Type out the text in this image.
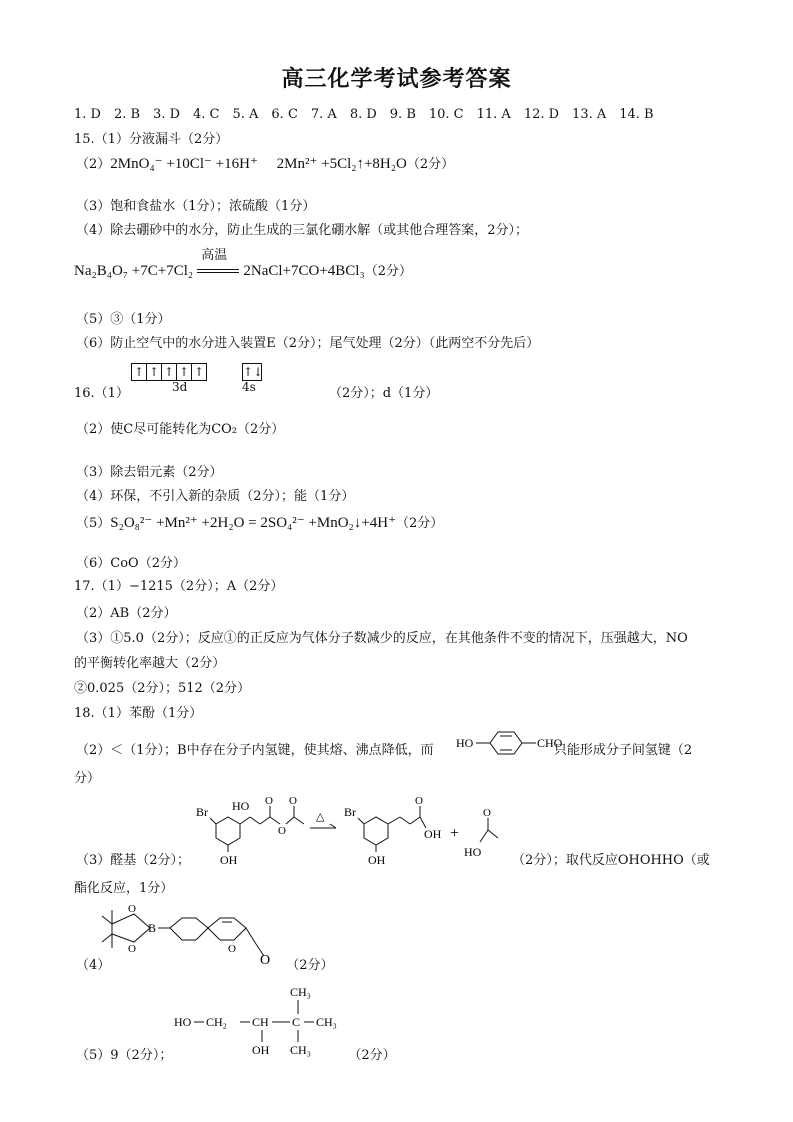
高三化学考试参考答案
1. D　2. B　3. D　4. C　5. A　6. C　7. A　8. D　9. B　10. C　11. A　12. D　13. A　14. B
15.（1）分液漏斗（2分）
（2）2MnO₄⁻ +10Cl⁻ +16H⁺ 　2Mn²⁺ +5Cl₂↑+8H₂O（2分）
（3）饱和食盐水（1分）；浓硫酸（1分）
（4）除去硼砂中的水分，防止生成的三氯化硼水解（或其他合理答案，2分）；
Na₂B₄O₇ +7C+7Cl₂
高温
2NaCl+7CO+4BCl₃（2分）
（5）③（1分）
（6）防止空气中的水分进入装置E（2分）；尾气处理（2分）（此两空不分先后）
↑ ↑ ↑ ↑ ↑	↑↓
3d	4s
16.（1）	（2分）；d（1分）
（2）使C尽可能转化为CO₂（2分）
（3）除去铝元素（2分）
（4）环保，不引入新的杂质（2分）；能（1分）
（5）S₂O₈²⁻ +Mn²⁺ +2H₂O = 2SO₄²⁻ +MnO₂↓+4H⁺（2分）
（6）CoO（2分）
17.（1）−1215（2分）；A（2分）
（2）AB（2分）
（3）①5.0（2分）；反应①的正反应为气体分子数减少的反应，在其他条件不变的情况下，压强越大，NO
的平衡转化率越大（2分）
②0.025（2分）；512（2分）
18.（1）苯酚（1分）
（2）＜（1分）；B中存在分子内氢键，使其熔、沸点降低，而	只能形成分子间氢键（2
HO	CHO
分）
Br HO O
O
O
OH
△ Br
O
OH
OH
+
O
HO
（3）醛基（2分）；	（2分）；取代反应OHOHHO（或
酯化反应，1分）
O
O
B
O
O
（4）	（2分）
CH₃
HO CH₂ CH C CH₃
OH CH₃
（5）9（2分）；	（2分）
